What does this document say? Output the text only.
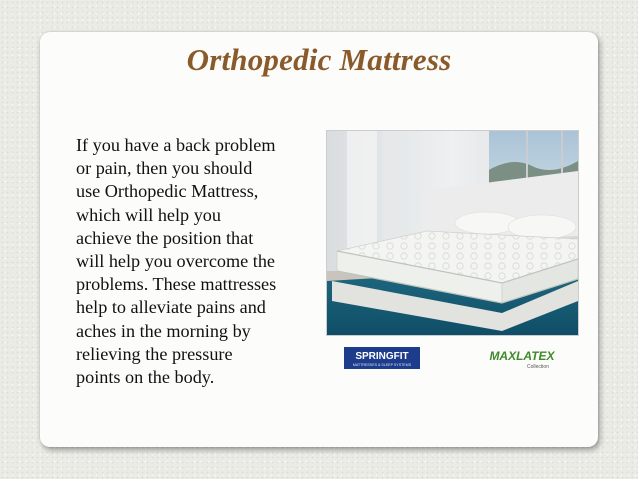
Orthopedic Mattress
If you have a back problem
or pain, then you should
use Orthopedic Mattress,
which will help you
achieve the position that
will help you overcome the
problems. These mattresses
help to alleviate pains and
aches in the morning by
relieving the pressure
points on the body.
SPRINGFIT
MATTRESSES & SLEEP SYSTEMS
MAXLATEX
Collection
